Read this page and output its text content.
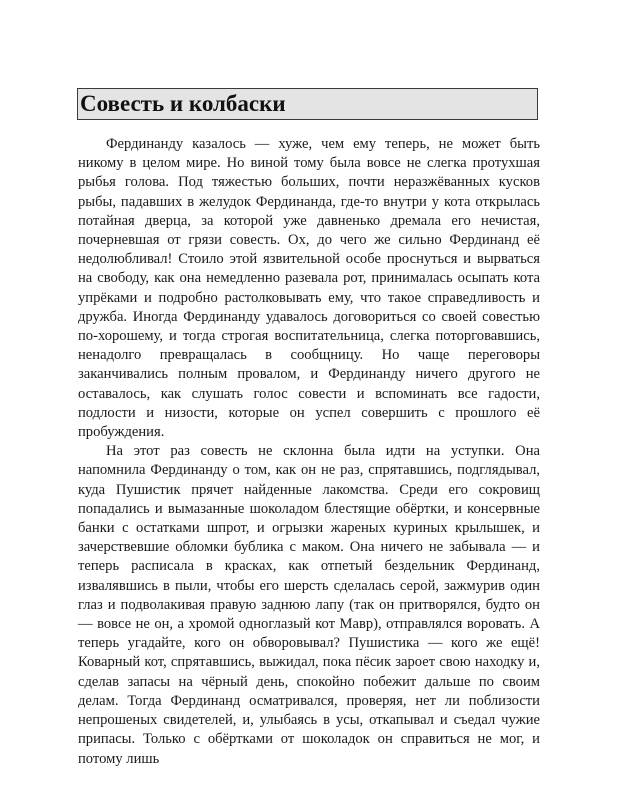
Совесть и колбаски

Фердинанду казалось — хуже, чем ему теперь, не может быть никому в целом мире. Но виной тому была вовсе не слегка протухшая рыбья голова. Под тяжестью больших, почти неразжёванных кусков рыбы, падавших в желудок Фердинанда, где-то внутри у кота открылась потайная дверца, за которой уже давненько дремала его нечистая, почерневшая от грязи совесть. Ох, до чего же сильно Фердинанд её недолюбливал! Стоило этой язвительной особе проснуться и вырваться на свободу, как она немедленно разевала рот, принималась осыпать кота упрёками и подробно растолковывать ему, что такое справедливость и дружба. Иногда Фердинанду удавалось договориться со своей совестью по-хорошему, и тогда строгая воспитательница, слегка поторговавшись, ненадолго превращалась в сообщницу. Но чаще переговоры заканчивались полным провалом, и Фердинанду ничего другого не оставалось, как слушать голос совести и вспоминать все гадости, подлости и низости, которые он успел совершить с прошлого её пробуждения.

На этот раз совесть не склонна была идти на уступки. Она напомнила Фердинанду о том, как он не раз, спрятавшись, подглядывал, куда Пушистик прячет найденные лакомства. Среди его сокровищ попадались и вымазанные шоколадом блестящие обёртки, и консервные банки с остатками шпрот, и огрызки жареных куриных крылышек, и зачерствевшие обломки бублика с маком. Она ничего не забывала — и теперь расписала в красках, как отпетый бездельник Фердинанд, извалявшись в пыли, чтобы его шерсть сделалась серой, зажмурив один глаз и подволакивая правую заднюю лапу (так он притворялся, будто он — вовсе не он, а хромой одноглазый кот Мавр), отправлялся воровать. А теперь угадайте, кого он обворовывал? Пушистика — кого же ещё! Коварный кот, спрятавшись, выжидал, пока пёсик зароет свою находку и, сделав запасы на чёрный день, спокойно побежит дальше по своим делам. Тогда Фердинанд осматривался, проверяя, нет ли поблизости непрошеных свидетелей, и, улыбаясь в усы, откапывал и съедал чужие припасы. Только с обёртками от шоколадок он справиться не мог, и потому лишь
